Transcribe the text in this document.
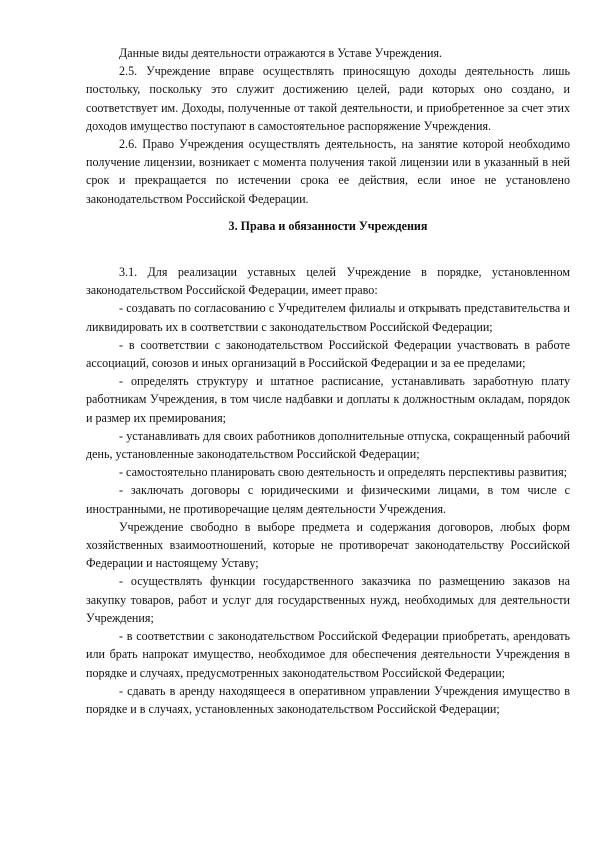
Данные виды деятельности отражаются в Уставе Учреждения.

2.5. Учреждение вправе осуществлять приносящую доходы деятельность лишь постольку, поскольку это служит достижению целей, ради которых оно создано, и соответствует им. Доходы, полученные от такой деятельности, и приобретенное за счет этих доходов имущество поступают в самостоятельное распоряжение Учреждения.

2.6. Право Учреждения осуществлять деятельность, на занятие которой необходимо получение лицензии, возникает с момента получения такой лицензии или в указанный в ней срок и прекращается по истечении срока ее действия, если иное не установлено законодательством Российской Федерации.

3. Права и обязанности Учреждения

3.1. Для реализации уставных целей Учреждение в порядке, установленном законодательством Российской Федерации, имеет право:

- создавать по согласованию с Учредителем филиалы и открывать представительства и ликвидировать их в соответствии с законодательством Российской Федерации;

- в соответствии с законодательством Российской Федерации участвовать в работе ассоциаций, союзов и иных организаций в Российской Федерации и за ее пределами;

- определять структуру и штатное расписание, устанавливать заработную плату работникам Учреждения, в том числе надбавки и доплаты к должностным окладам, порядок и размер их премирования;

- устанавливать для своих работников дополнительные отпуска, сокращенный рабочий день, установленные законодательством Российской Федерации;

- самостоятельно планировать свою деятельность и определять перспективы развития;

- заключать договоры с юридическими и физическими лицами, в том числе с иностранными, не противоречащие целям деятельности Учреждения.

Учреждение свободно в выборе предмета и содержания договоров, любых форм хозяйственных взаимоотношений, которые не противоречат законодательству Российской Федерации и настоящему Уставу;

- осуществлять функции государственного заказчика по размещению заказов на закупку товаров, работ и услуг для государственных нужд, необходимых для деятельности Учреждения;

- в соответствии с законодательством Российской Федерации приобретать, арендовать или брать напрокат имущество, необходимое для обеспечения деятельности Учреждения в порядке и случаях, предусмотренных законодательством Российской Федерации;

- сдавать в аренду находящееся в оперативном управлении Учреждения имущество в порядке и в случаях, установленных законодательством Российской Федерации;
